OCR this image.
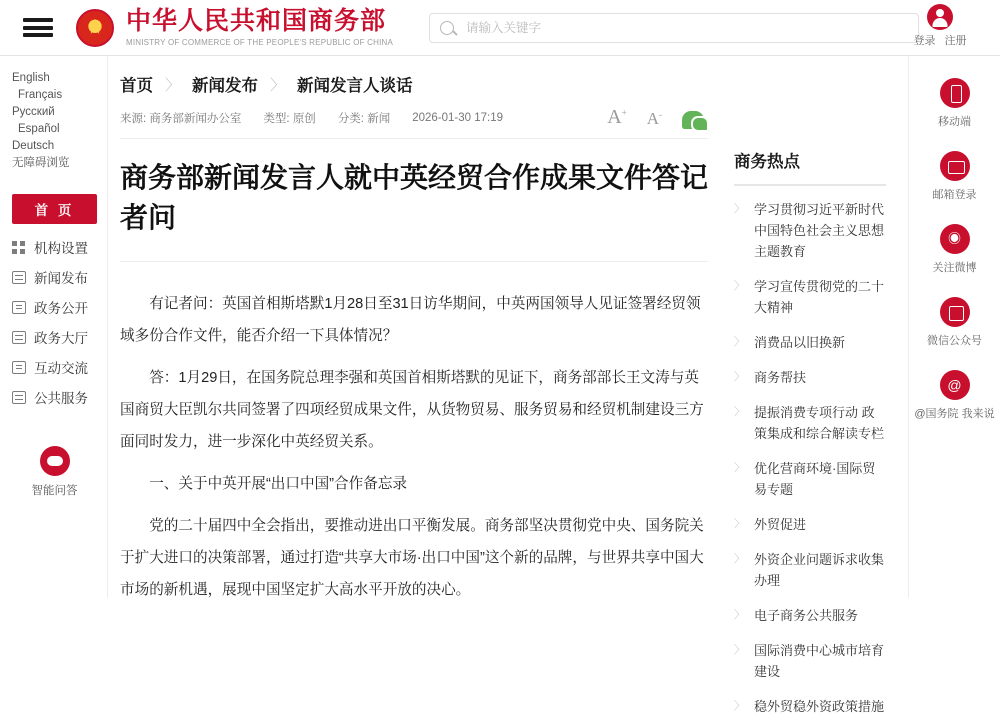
★
中华人民共和国商务部
MINISTRY OF COMMERCE OF THE PEOPLE'S REPUBLIC OF CHINA
请输入关键字	登录 注册
English Français
Русский Español
Deutsch
无障碍浏览
首 页
机构设置
新闻发布
政务公开
政务大厅
互动交流
公共服务
智能问答
首页 〉 新闻发布 〉 新闻发言人谈话
来源: 商务部新闻办公室 类型: 原创 分类: 新闻 2026-01-30 17:19	A+ A-
商务部新闻发言人就中英经贸合作成果文件答记者问

有记者问：英国首相斯塔默1月28日至31日访华期间，中英两国领导人见证签署经贸领域多份合作文件，能否介绍一下具体情况？

答：1月29日，在国务院总理李强和英国首相斯塔默的见证下，商务部部长王文涛与英国商贸大臣凯尔共同签署了四项经贸成果文件，从货物贸易、服务贸易和经贸机制建设三方面同时发力，进一步深化中英经贸关系。

一、关于中英开展“出口中国”合作备忘录

党的二十届四中全会指出，要推动进出口平衡发展。商务部坚决贯彻党中央、国务院关于扩大进口的决策部署，通过打造“共享大市场·出口中国”这个新的品牌，与世界共享中国大市场的新机遇，展现中国坚定扩大高水平开放的决心。

商务热点
〉 学习贯彻习近平新时代中国特色社会主义思想主题教育
〉 学习宣传贯彻党的二十大精神
〉 消费品以旧换新
〉 商务帮扶
〉 提振消费专项行动 政策集成和综合解读专栏
〉 优化营商环境·国际贸易专题
〉 外贸促进
〉 外资企业问题诉求收集办理
〉 电子商务公共服务
〉 国际消费中心城市培育建设
〉 稳外贸稳外资政策措施
移动端
邮箱登录
◉
关注微博
微信公众号
@
@国务院 我来说
